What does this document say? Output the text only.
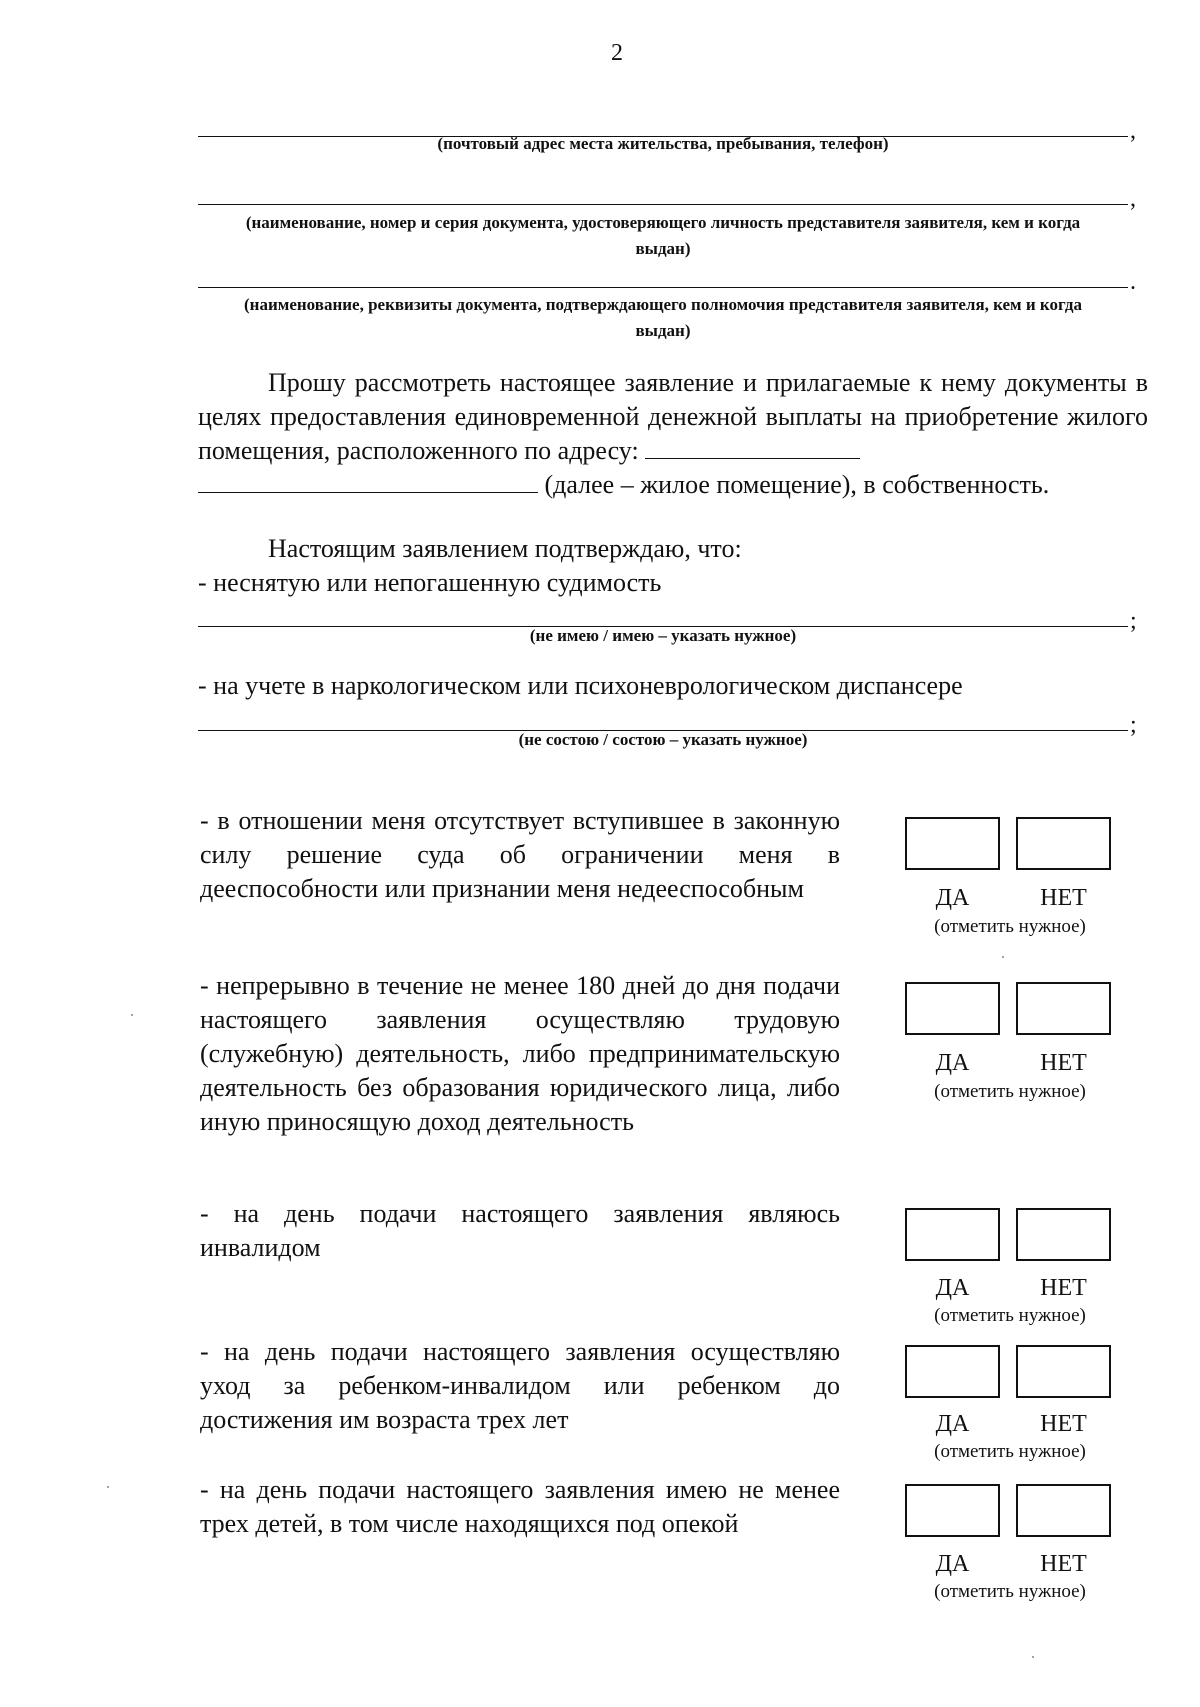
2
,
(почтовый адрес места жительства, пребывания, телефон)
,
(наименование, номер и серия документа, удостоверяющего личность представителя заявителя, кем и когда выдан)
.
(наименование, реквизиты документа, подтверждающего полномочия представителя заявителя, кем и когда выдан)
Прошу рассмотреть настоящее заявление и прилагаемые к нему документы в целях предоставления единовременной денежной выплаты на приобретение жилого помещения, расположенного по адресу:
(далее – жилое помещение), в собственность.
Настоящим заявлением подтверждаю, что:
- неснятую или непогашенную судимость
;
(не имею / имею – указать нужное)
- на учете в наркологическом или психоневрологическом диспансере
;
(не состою / состою – указать нужное)
- в отношении меня отсутствует вступившее в законную силу решение суда об ограничении меня в дееспособности или признании меня недееспособным	ДА	НЕТ
(отметить нужное)
- непрерывно в течение не менее 180 дней до дня подачи настоящего заявления осуществляю трудовую (служебную) деятельность, либо предпринимательскую деятельность без образования юридического лица, либо иную приносящую доход деятельность
ДА	НЕТ
(отметить нужное)
- на день подачи настоящего заявления являюсь инвалидом
ДА	НЕТ
(отметить нужное)
- на день подачи настоящего заявления осуществляю уход за ребенком-инвалидом или ребенком до достижения им возраста трех лет	ДА	НЕТ
(отметить нужное)
- на день подачи настоящего заявления имею не менее трех детей, в том числе находящихся под опекой
ДА	НЕТ
(отметить нужное)
